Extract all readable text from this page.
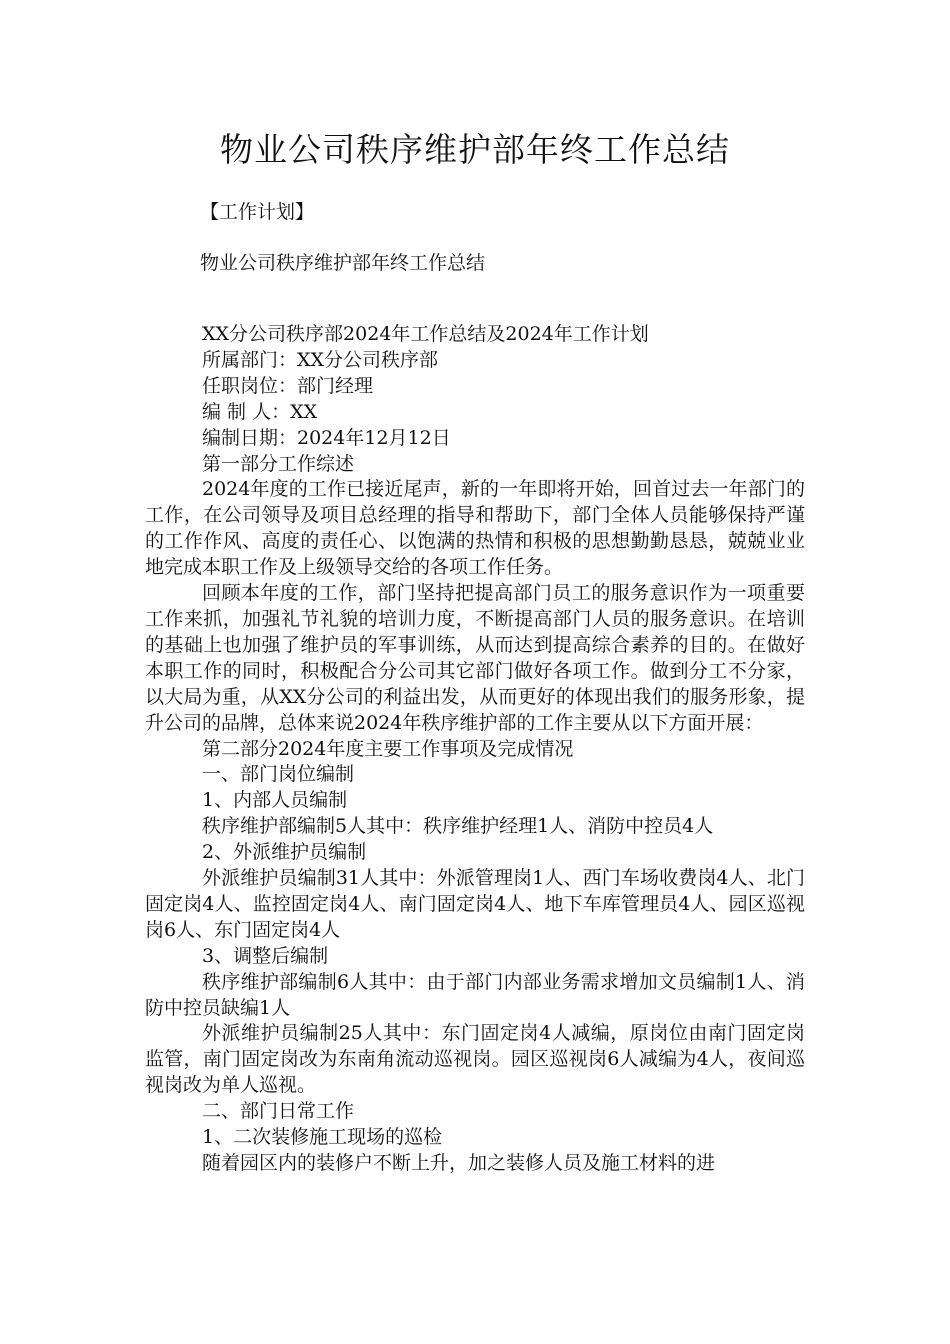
物业公司秩序维护部年终工作总结
【工作计划】
物业公司秩序维护部年终工作总结

XX分公司秩序部2024年工作总结及2024年工作计划

所属部门：XX分公司秩序部

任职岗位：部门经理

编 制 人：XX

编制日期：2024年12月12日

第一部分工作综述

2024年度的工作已接近尾声，新的一年即将开始，回首过去一年部门的工作，在公司领导及项目总经理的指导和帮助下，部门全体人员能够保持严谨的工作作风、高度的责任心、以饱满的热情和积极的思想勤勤恳恳，兢兢业业地完成本职工作及上级领导交给的各项工作任务。

回顾本年度的工作，部门坚持把提高部门员工的服务意识作为一项重要工作来抓，加强礼节礼貌的培训力度，不断提高部门人员的服务意识。在培训的基础上也加强了维护员的军事训练，从而达到提高综合素养的目的。在做好本职工作的同时，积极配合分公司其它部门做好各项工作。做到分工不分家，以大局为重，从XX分公司的利益出发，从而更好的体现出我们的服务形象，提升公司的品牌，总体来说2024年秩序维护部的工作主要从以下方面开展：

第二部分2024年度主要工作事项及完成情况

一、部门岗位编制

1、内部人员编制

秩序维护部编制5人其中：秩序维护经理1人、消防中控员4人

2、外派维护员编制

外派维护员编制31人其中：外派管理岗1人、西门车场收费岗4人、北门固定岗4人、监控固定岗4人、南门固定岗4人、地下车库管理员4人、园区巡视岗6人、东门固定岗4人

3、调整后编制

秩序维护部编制6人其中：由于部门内部业务需求增加文员编制1人、消防中控员缺编1人

外派维护员编制25人其中：东门固定岗4人减编，原岗位由南门固定岗监管，南门固定岗改为东南角流动巡视岗。园区巡视岗6人减编为4人，夜间巡视岗改为单人巡视。

二、部门日常工作

1、二次装修施工现场的巡检

随着园区内的装修户不断上升，加之装修人员及施工材料的进
